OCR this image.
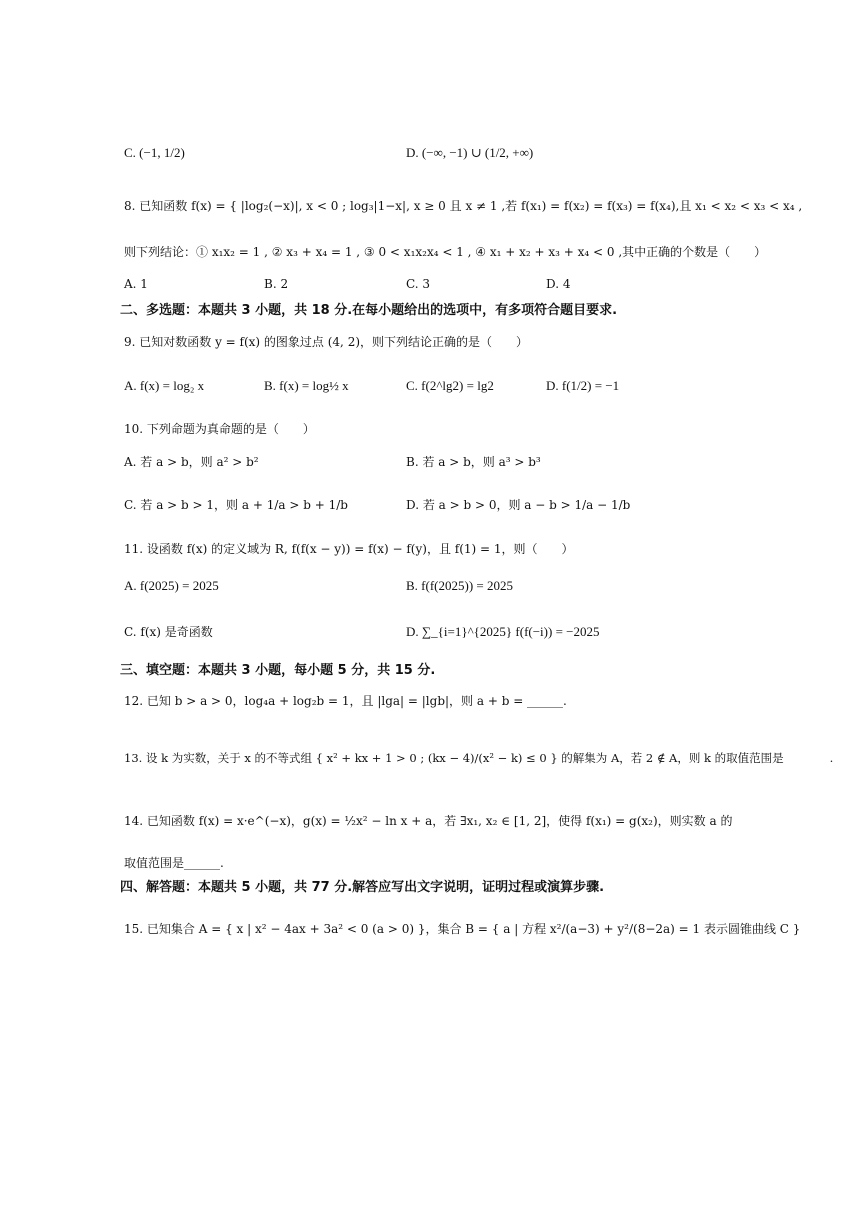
C. (−1, 1/2)	D. (−∞, −1) ∪ (1/2, +∞)
8. 已知函数 f(x) = { |log₂(−x)|, x < 0 ; log₃|1−x|, x ≥ 0 且 x ≠ 1 ,若 f(x₁) = f(x₂) = f(x₃) = f(x₄),且 x₁ < x₂ < x₃ < x₄ ,
则下列结论：① x₁x₂ = 1 , ② x₃ + x₄ = 1 , ③ 0 < x₁x₂x₄ < 1 , ④ x₁ + x₂ + x₃ + x₄ < 0 ,其中正确的个数是（　　）
A. 1	B. 2	C. 3	D. 4
二、多选题：本题共 3 小题，共 18 分.在每小题给出的选项中，有多项符合题目要求.
9. 已知对数函数 y = f(x) 的图象过点 (4, 2)，则下列结论正确的是（　　）
A. f(x) = log₂ x	B. f(x) = log½ x	C. f(2^lg2) = lg2	D. f(1/2) = −1
10. 下列命题为真命题的是（　　）
A. 若 a > b，则 a² > b²	B. 若 a > b，则 a³ > b³
C. 若 a > b > 1，则 a + 1/a > b + 1/b	D. 若 a > b > 0，则 a − b > 1/a − 1/b
11. 设函数 f(x) 的定义域为 R, f(f(x − y)) = f(x) − f(y)，且 f(1) = 1，则（　　）
A. f(2025) = 2025	B. f(f(2025)) = 2025
C. f(x) 是奇函数	D. ∑_{i=1}^{2025} f(f(−i)) = −2025
三、填空题：本题共 3 小题，每小题 5 分，共 15 分.
12. 已知 b > a > 0，log₄a + log₂b = 1，且 |lga| = |lgb|，则 a + b = ______.
13. 设 k 为实数，关于 x 的不等式组 { x² + kx + 1 > 0 ; (kx − 4)/(x² − k) ≤ 0 } 的解集为 A，若 2 ∉ A，则 k 的取值范围是　　　　.
14. 已知函数 f(x) = x·e^(−x)，g(x) = ½x² − ln x + a，若 ∃x₁, x₂ ∈ [1, 2]，使得 f(x₁) = g(x₂)，则实数 a 的
取值范围是______.
四、解答题：本题共 5 小题，共 77 分.解答应写出文字说明，证明过程或演算步骤.
15. 已知集合 A = { x | x² − 4ax + 3a² < 0 (a > 0) }，集合 B = { a | 方程 x²/(a−3) + y²/(8−2a) = 1 表示圆锥曲线 C }
